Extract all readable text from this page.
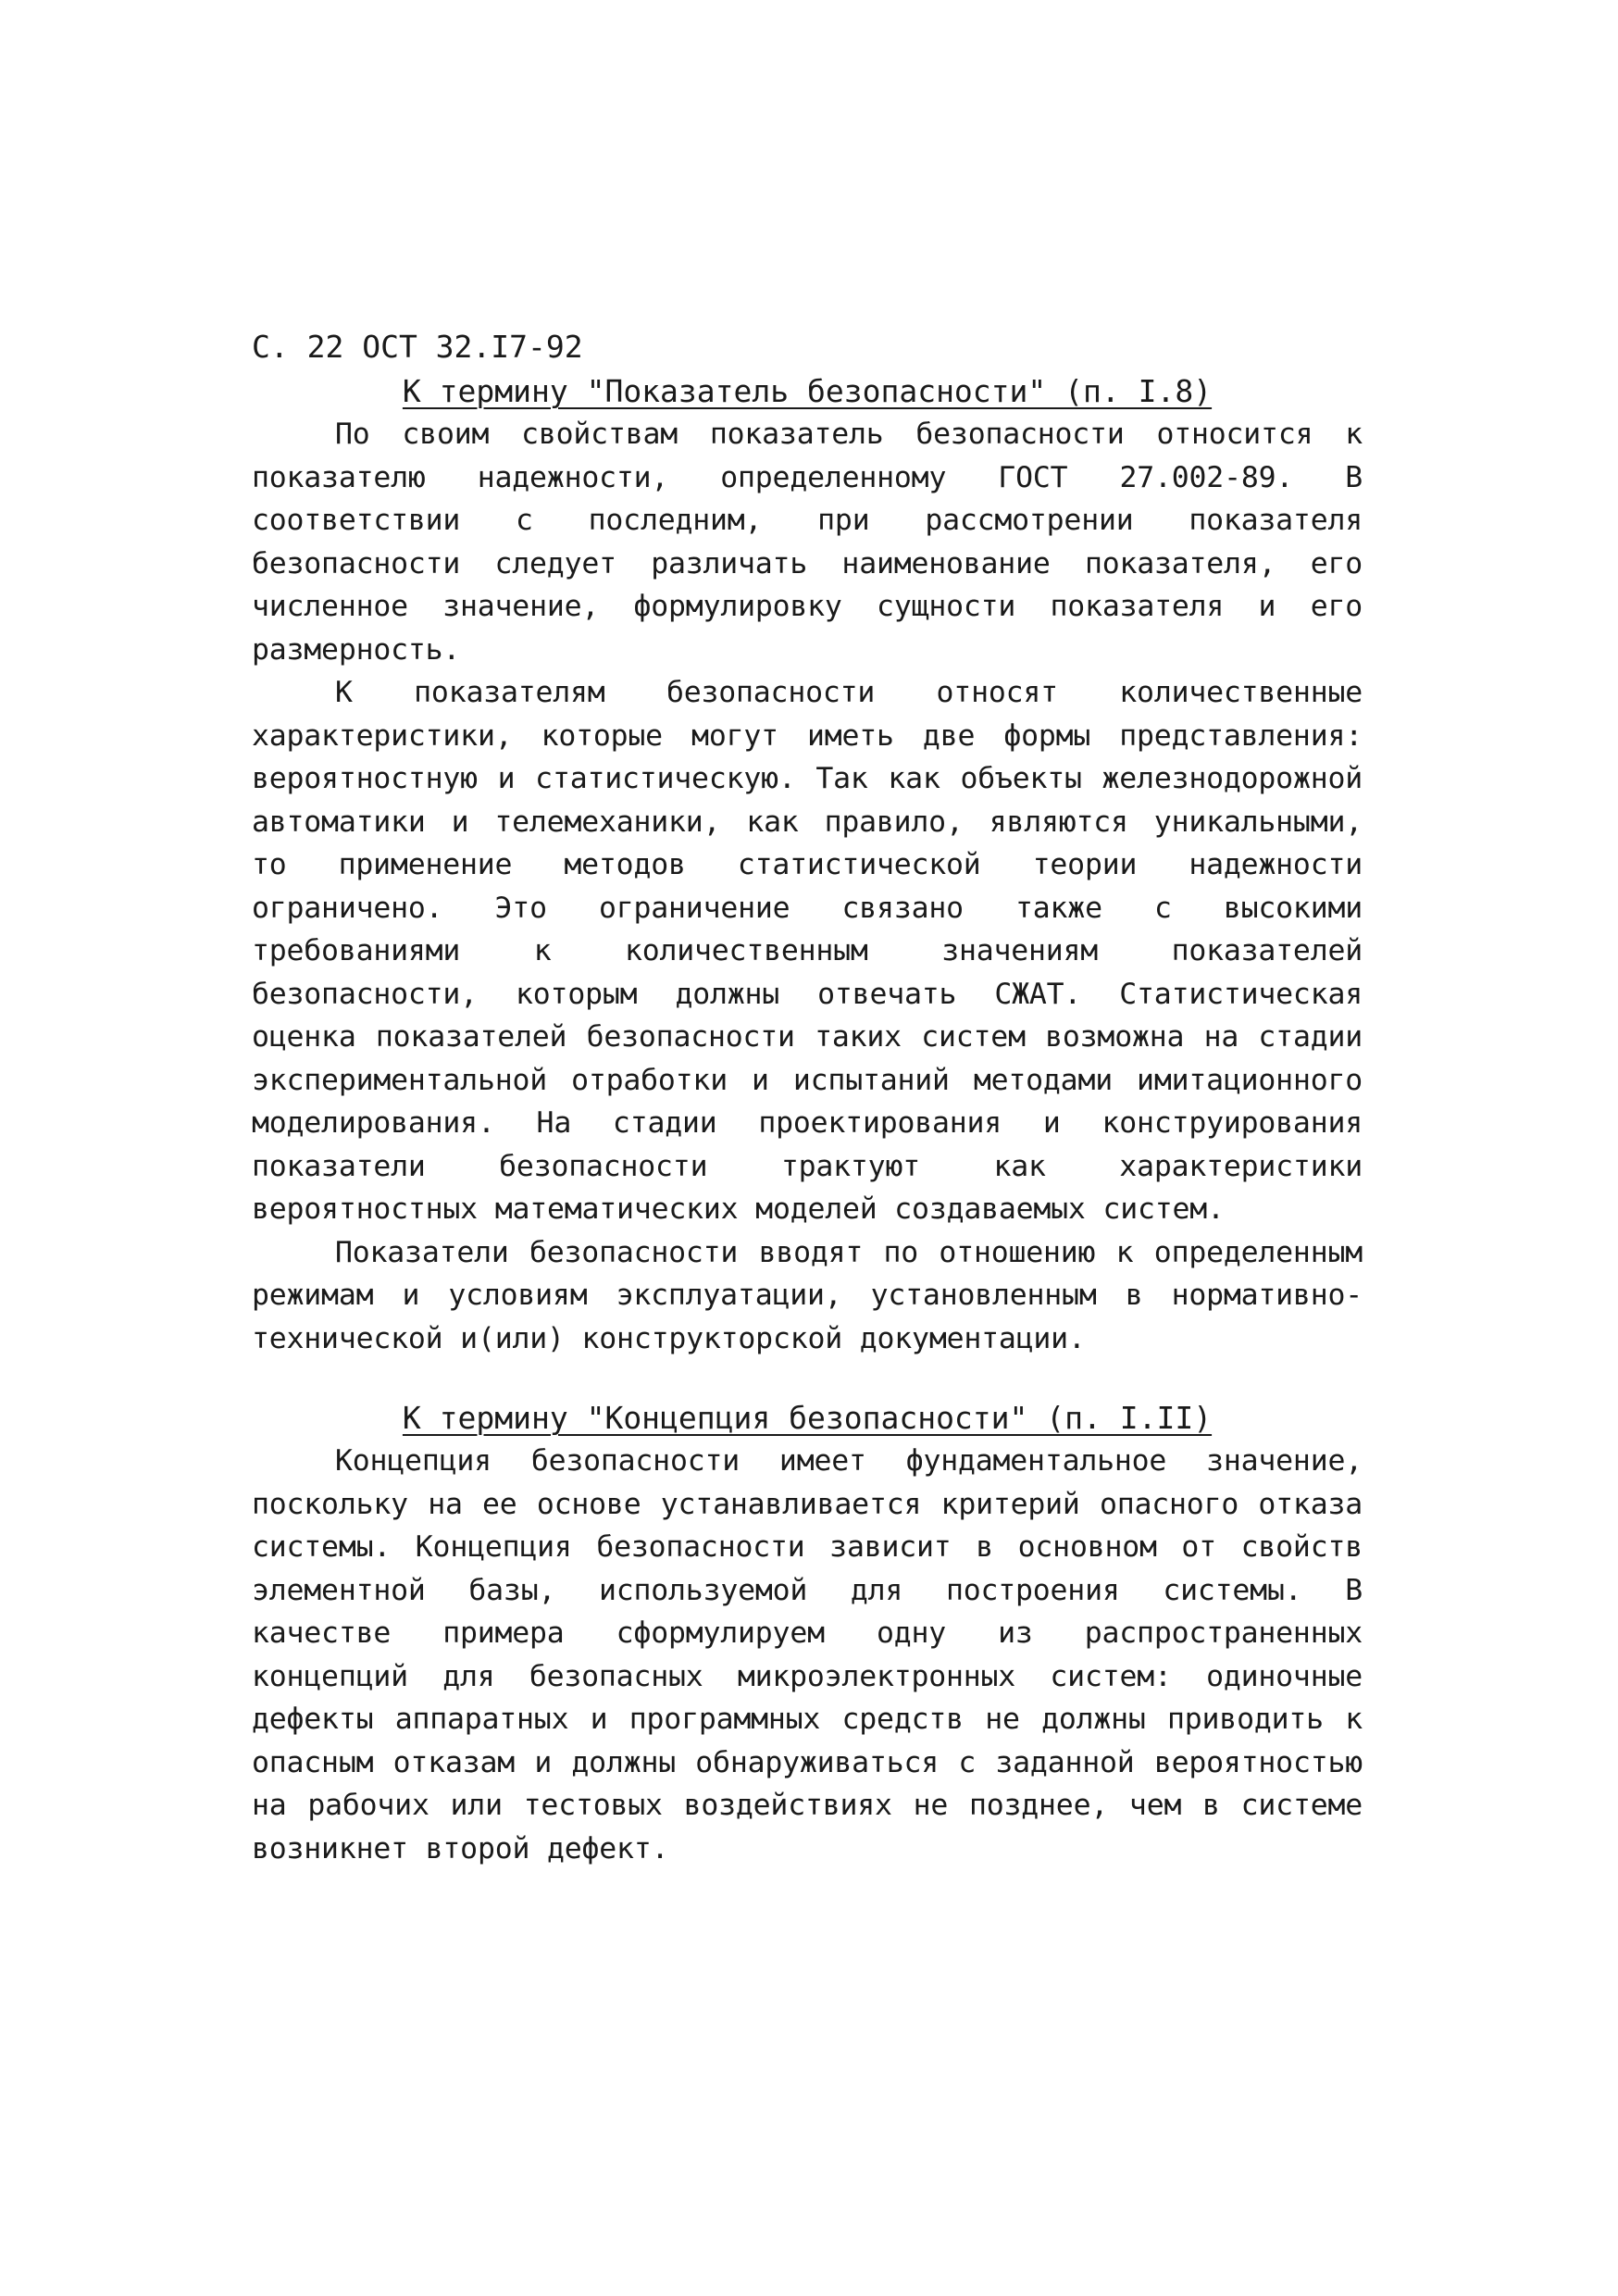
С. 22 ОСТ 32.I7-92
К термину "Показатель безопасности" (п. I.8)

По своим свойствам показатель безопасности относится к показателю надежности, определенному ГОСТ 27.002-89. В соответствии с последним, при рассмотрении показателя безопасности следует различать наименование показателя, его численное значение, формулировку сущности показателя и его размерность.

К показателям безопасности относят количественные характеристики, которые могут иметь две формы представления: вероятностную и статистическую. Так как объекты железнодорожной автоматики и телемеханики, как правило, являются уникальными, то применение методов статистической теории надежности ограничено. Это ограничение связано также с высокими требованиями к количественным значениям показателей безопасности, которым должны отвечать СЖАТ. Статистическая оценка показателей безопасности таких систем возможна на стадии экспериментальной отработки и испытаний методами имитационного моделирования. На стадии проектирования и конструирования показатели безопасности трактуют как характеристики вероятностных математических моделей создаваемых систем.

Показатели безопасности вводят по отношению к определенным режимам и условиям эксплуатации, установленным в нормативно-технической и(или) конструкторской документации.

К термину "Концепция безопасности" (п. I.II)

Концепция безопасности имеет фундаментальное значение, поскольку на ее основе устанавливается критерий опасного отказа системы. Концепция безопасности зависит в основном от свойств элементной базы, используемой для построения системы. В качестве примера сформулируем одну из распространенных концепций для безопасных микроэлектронных систем: одиночные дефекты аппаратных и программных средств не должны приводить к опасным отказам и должны обнаруживаться с заданной вероятностью на рабочих или тестовых воздействиях не позднее, чем в системе возникнет второй дефект.
